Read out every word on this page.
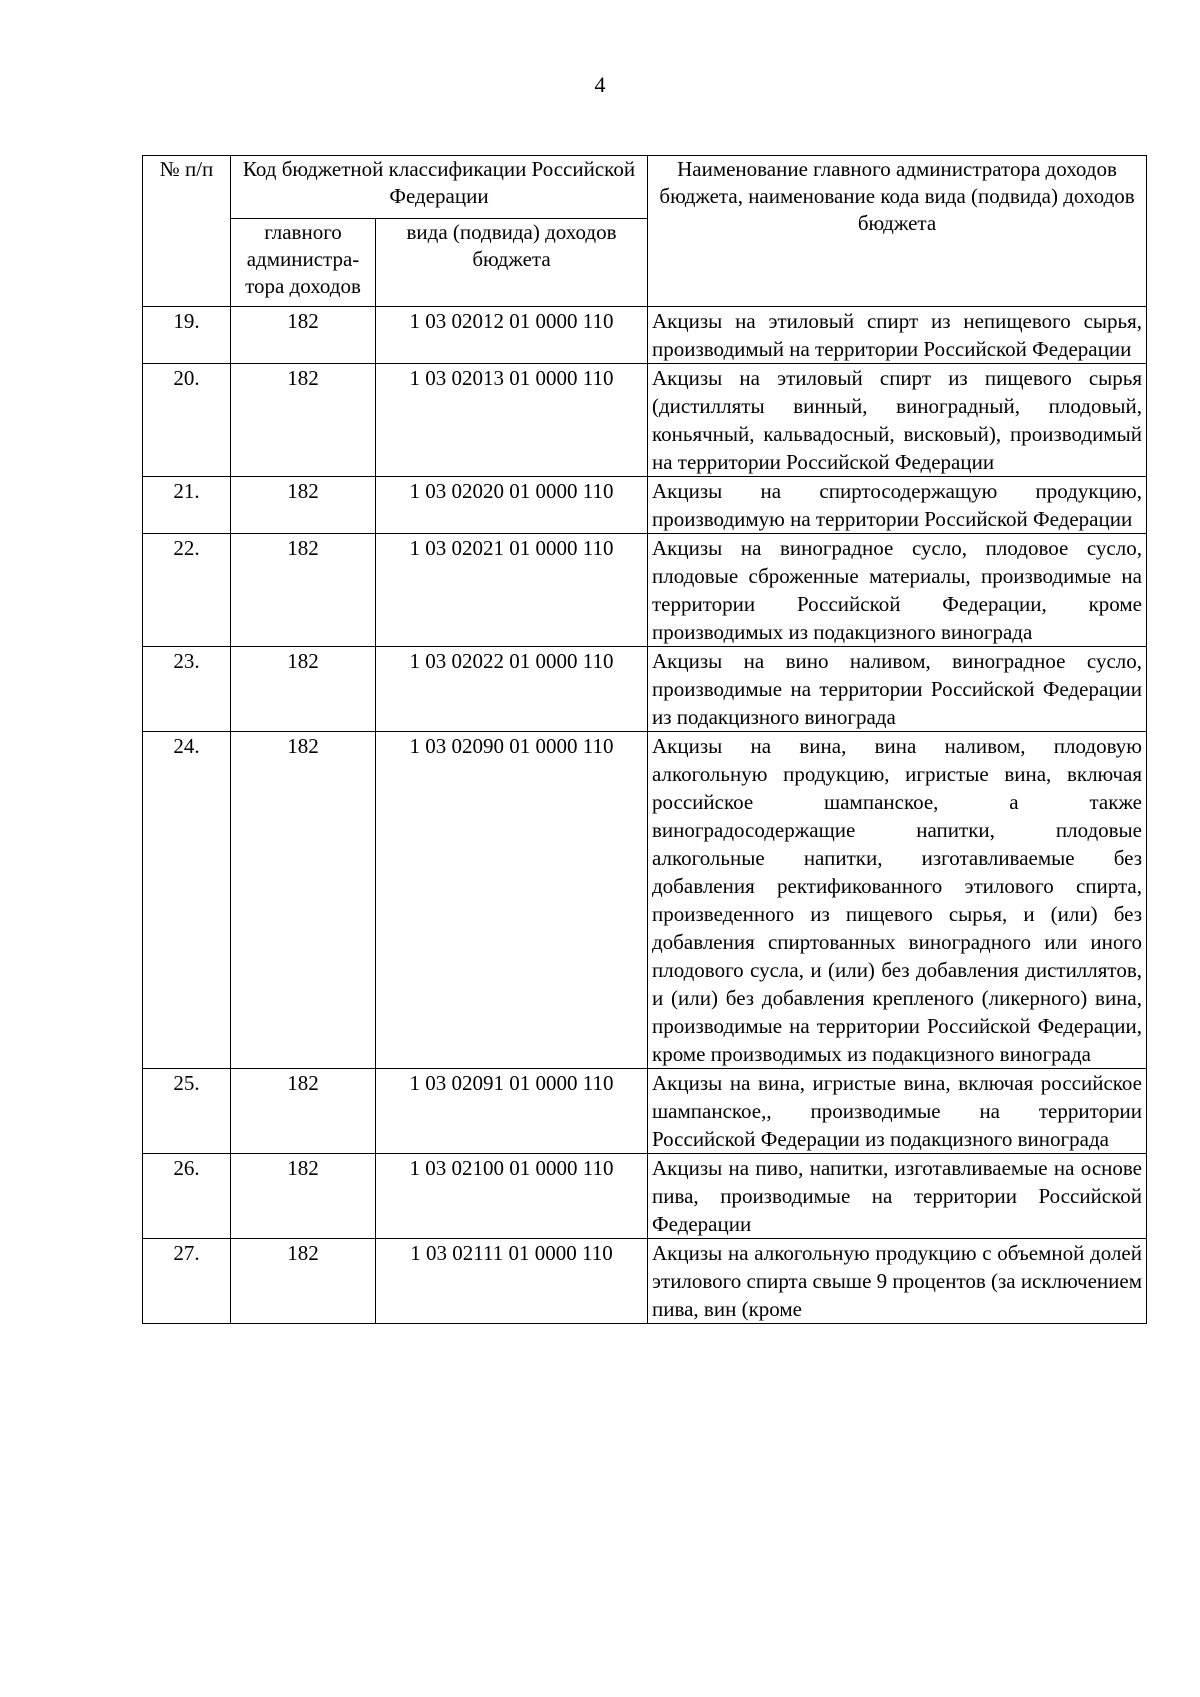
4
№ п/п	Код бюджетной классификации Российской Федерации		Наименование главного администратора доходов бюджета, наименование кода вида (подвида) доходов бюджета
	главного администра-тора доходов	вида (подвида) доходов бюджета	
19.	182	1 03 02012 01 0000 110	Акцизы на этиловый спирт из непищевого сырья, производимый на территории Российской Федерации
20.	182	1 03 02013 01 0000 110	Акцизы на этиловый спирт из пищевого сырья (дистилляты винный, виноградный, плодовый, коньячный, кальвадосный, висковый), производимый на территории Российской Федерации
21.	182	1 03 02020 01 0000 110	Акцизы на спиртосодержащую продукцию, производимую на территории Российской Федерации
22.	182	1 03 02021 01 0000 110	Акцизы на виноградное сусло, плодовое сусло, плодовые сброженные материалы, производимые на территории Российской Федерации, кроме производимых из подакцизного винограда
23.	182	1 03 02022 01 0000 110	Акцизы на вино наливом, виноградное сусло, производимые на территории Российской Федерации из подакцизного винограда
24.	182	1 03 02090 01 0000 110	Акцизы на вина, вина наливом, плодовую алкогольную продукцию, игристые вина, включая российское шампанское, а также виноградосодержащие напитки, плодовые алкогольные напитки, изготавливаемые без добавления ректификованного этилового спирта, произведенного из пищевого сырья, и (или) без добавления спиртованных виноградного или иного плодового сусла, и (или) без добавления дистиллятов, и (или) без добавления крепленого (ликерного) вина, производимые на территории Российской Федерации, кроме производимых из подакцизного винограда
25.	182	1 03 02091 01 0000 110	Акцизы на вина, игристые вина, включая российское шампанское,, производимые на территории Российской Федерации из подакцизного винограда
26.	182	1 03 02100 01 0000 110	Акцизы на пиво, напитки, изготавливаемые на основе пива, производимые на территории Российской Федерации
27.	182	1 03 02111 01 0000 110	Акцизы на алкогольную продукцию с объемной долей этилового спирта свыше 9 процентов (за исключением пива, вин (кроме
